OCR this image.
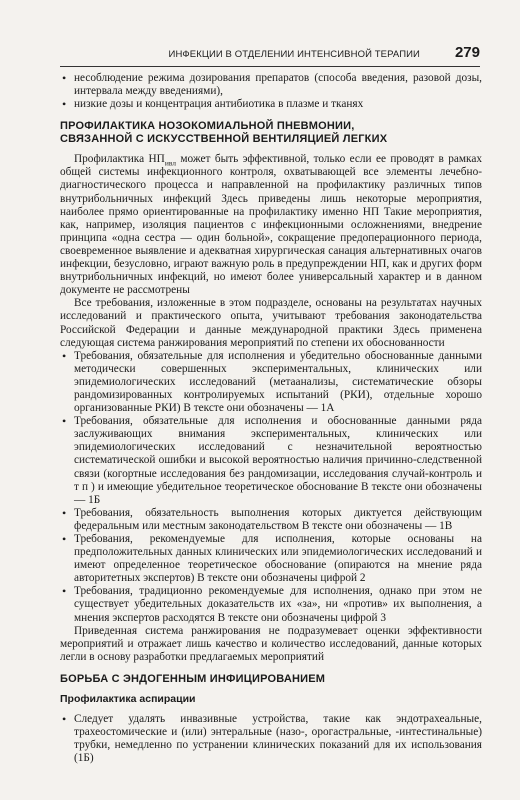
ИНФЕКЦИИ В ОТДЕЛЕНИИ ИНТЕНСИВНОЙ ТЕРАПИИ 279
• несоблюдение режима дозирования препаратов (способа введения, разовой дозы, интервала между введениями),
• низкие дозы и концентрация антибиотика в плазме и тканях
ПРОФИЛАКТИКА НОЗОКОМИАЛЬНОЙ ПНЕВМОНИИ,
СВЯЗАННОЙ С ИСКУССТВЕННОЙ ВЕНТИЛЯЦИЕЙ ЛЕГКИХ

Профилактика $НП_{ивл}$ может быть эффективной, только если ее проводят в рамках общей системы инфекционного контроля, охватывающей все элементы лечебно-диагностического процесса и направленной на профилактику различных типов внутрибольничных инфекций Здесь приведены лишь некоторые мероприятия, наиболее прямо ориентированные на профилактику именно НП Такие мероприятия, как, например, изоляция пациентов с инфекционными осложнениями, внедрение принципа «одна сестра — один больной», сокращение предоперационного периода, своевременное выявление и адекватная хирургическая санация альтернативных очагов инфекции, безусловно, играют важную роль в предупреждении НП, как и других форм внутрибольничных инфекций, но имеют более универсальный характер и в данном документе не рассмотрены

Все требования, изложенные в этом подразделе, основаны на результатах научных исследований и практического опыта, учитывают требования законодательства Российской Федерации и данные международной практики Здесь применена следующая система ранжирования мероприятий по степени их обоснованности

• Требования, обязательные для исполнения и убедительно обоснованные данными методически совершенных экспериментальных, клинических или эпидемиологических исследований (метаанализы, систематические обзоры рандомизированных контролируемых испытаний (РКИ), отдельные хорошо организованные РКИ) В тексте они обозначены — 1А
• Требования, обязательные для исполнения и обоснованные данными ряда заслуживающих внимания экспериментальных, клинических или эпидемиологических исследований с незначительной вероятностью систематической ошибки и высокой вероятностью наличия причинно-следственной связи (когортные исследования без рандомизации, исследования случай-контроль и т п ) и имеющие убедительное теоретическое обоснование В тексте они обозначены — 1Б
• Требования, обязательность выполнения которых диктуется действующим федеральным или местным законодательством В тексте они обозначены — 1В
• Требования, рекомендуемые для исполнения, которые основаны на предположительных данных клинических или эпидемиологических исследований и имеют определенное теоретическое обоснование (опираются на мнение ряда авторитетных экспертов) В тексте они обозначены цифрой 2
• Требования, традиционно рекомендуемые для исполнения, однако при этом не существует убедительных доказательств их «за», ни «против» их выполнения, а мнения экспертов расходятся В тексте они обозначены цифрой 3

Приведенная система ранжирования не подразумевает оценки эффективности мероприятий и отражает лишь качество и количество исследований, данные которых легли в основу разработки предлагаемых мероприятий

БОРЬБА С ЭНДОГЕННЫМ ИНФИЦИРОВАНИЕМ
Профилактика аспирации
• Следует удалять инвазивные устройства, такие как эндотрахеальные, трахеостомические и (или) энтеральные (назо-, орогастральные, -интестинальные) трубки, немедленно по устранении клинических показаний для их использования (1Б)
